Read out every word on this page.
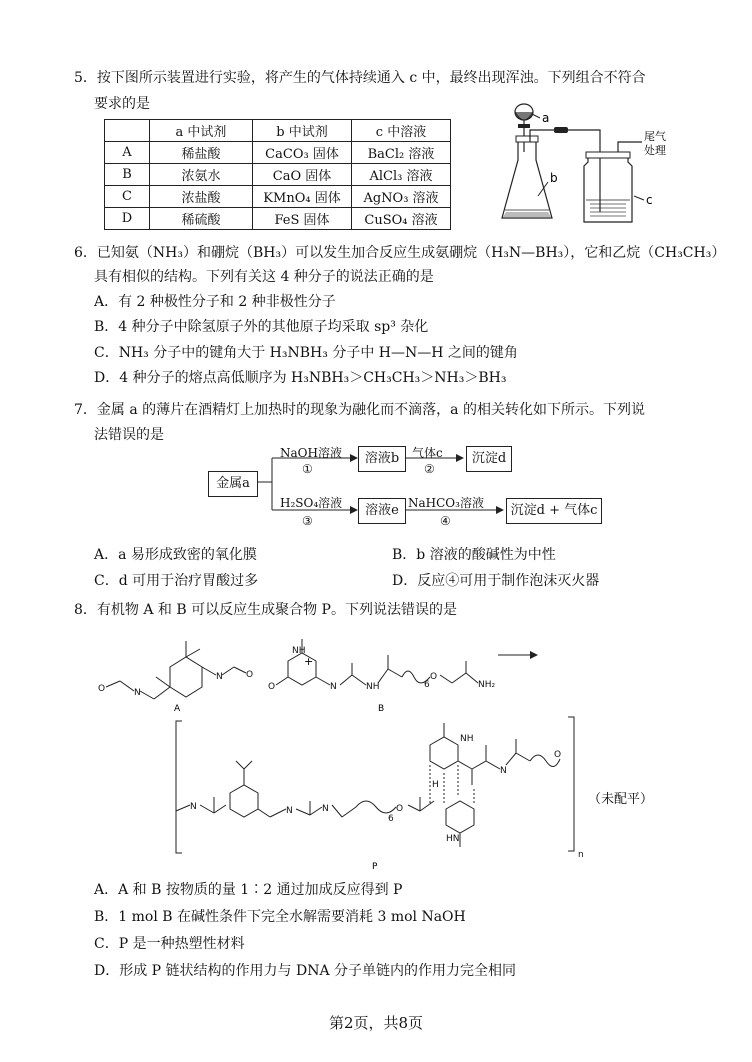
5．按下图所示装置进行实验，将产生的气体持续通入 c 中，最终出现浑浊。下列组合不符合
要求的是
	a 中试剂	b 中试剂	c 中溶液
A	稀盐酸	CaCO₃ 固体	BaCl₂ 溶液
B	浓氨水	CaO 固体	AlCl₃ 溶液
C	浓盐酸	KMnO₄ 固体	AgNO₃ 溶液
D	稀硫酸	FeS 固体	CuSO₄ 溶液
a
b
c
尾气
处理
6．已知氨（NH₃）和硼烷（BH₃）可以发生加合反应生成氨硼烷（H₃N—BH₃），它和乙烷（CH₃CH₃）
具有相似的结构。下列有关这 4 种分子的说法正确的是
A．有 2 种极性分子和 2 种非极性分子
B．4 种分子中除氢原子外的其他原子均采取 sp³ 杂化
C．NH₃ 分子中的键角大于 H₃NBH₃ 分子中 H—N—H 之间的键角
D．4 种分子的熔点高低顺序为 H₃NBH₃＞CH₃CH₃＞NH₃＞BH₃
7．金属 a 的薄片在酒精灯上加热时的现象为融化而不滴落，a 的相关转化如下所示。下列说
法错误的是
金属a
NaOH溶液
①
溶液b	气体c
②
沉淀d
H₂SO₄溶液
③
溶液e NaHCO₃溶液
④
沉淀d + 气体c
A．a 易形成致密的氧化膜	B．b 溶液的酸碱性为中性
C．d 可用于治疗胃酸过多	D．反应④可用于制作泡沫灭火器
8．有机物 A 和 B 可以反应生成聚合物 P。下列说法错误的是
O	N
N	O
O
NH
N	NH
O
6	NH₂
N	N	N	O
6
NH
N
O
H
HN
n
+
A	B
P
（未配平）
A．A 和 B 按物质的量 1∶2 通过加成反应得到 P
B．1 mol B 在碱性条件下完全水解需要消耗 3 mol NaOH
C．P 是一种热塑性材料
D．形成 P 链状结构的作用力与 DNA 分子单链内的作用力完全相同
第2页，共8页
